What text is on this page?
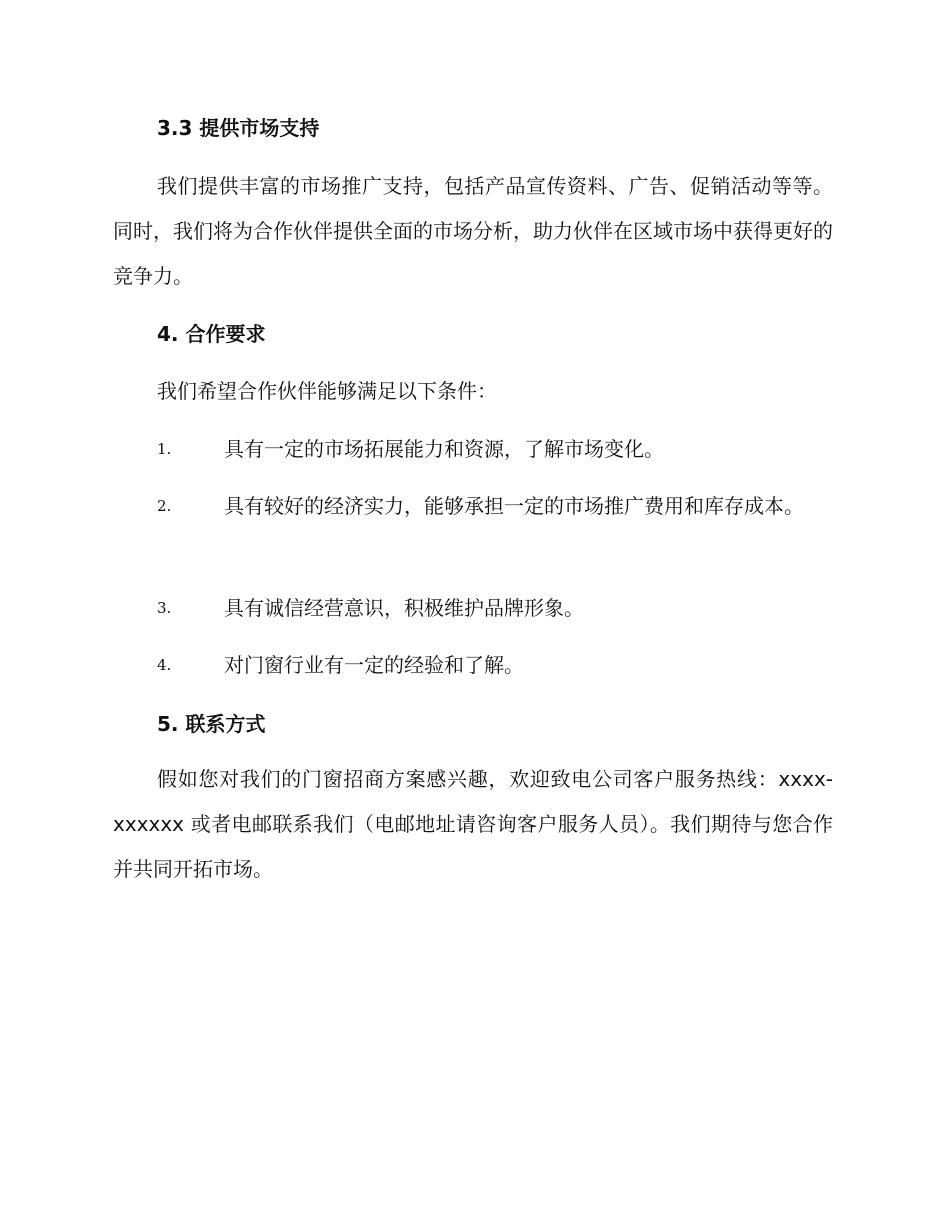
3.3 提供市场支持

我们提供丰富的市场推广支持，包括产品宣传资料、广告、促销活动等等。同时，我们将为合作伙伴提供全面的市场分析，助力伙伴在区域市场中获得更好的竞争力。

4. 合作要求
我们希望合作伙伴能够满足以下条件：
1.	具有一定的市场拓展能力和资源，了解市场变化。

2.	具有较好的经济实力，能够承担一定的市场推广费用和库存成本。

3.	具有诚信经营意识，积极维护品牌形象。

4.	对门窗行业有一定的经验和了解。

5. 联系方式

假如您对我们的门窗招商方案感兴趣，欢迎致电公司客户服务热线：xxxx-xxxxxx 或者电邮联系我们（电邮地址请咨询客户服务人员）。我们期待与您合作并共同开拓市场。
